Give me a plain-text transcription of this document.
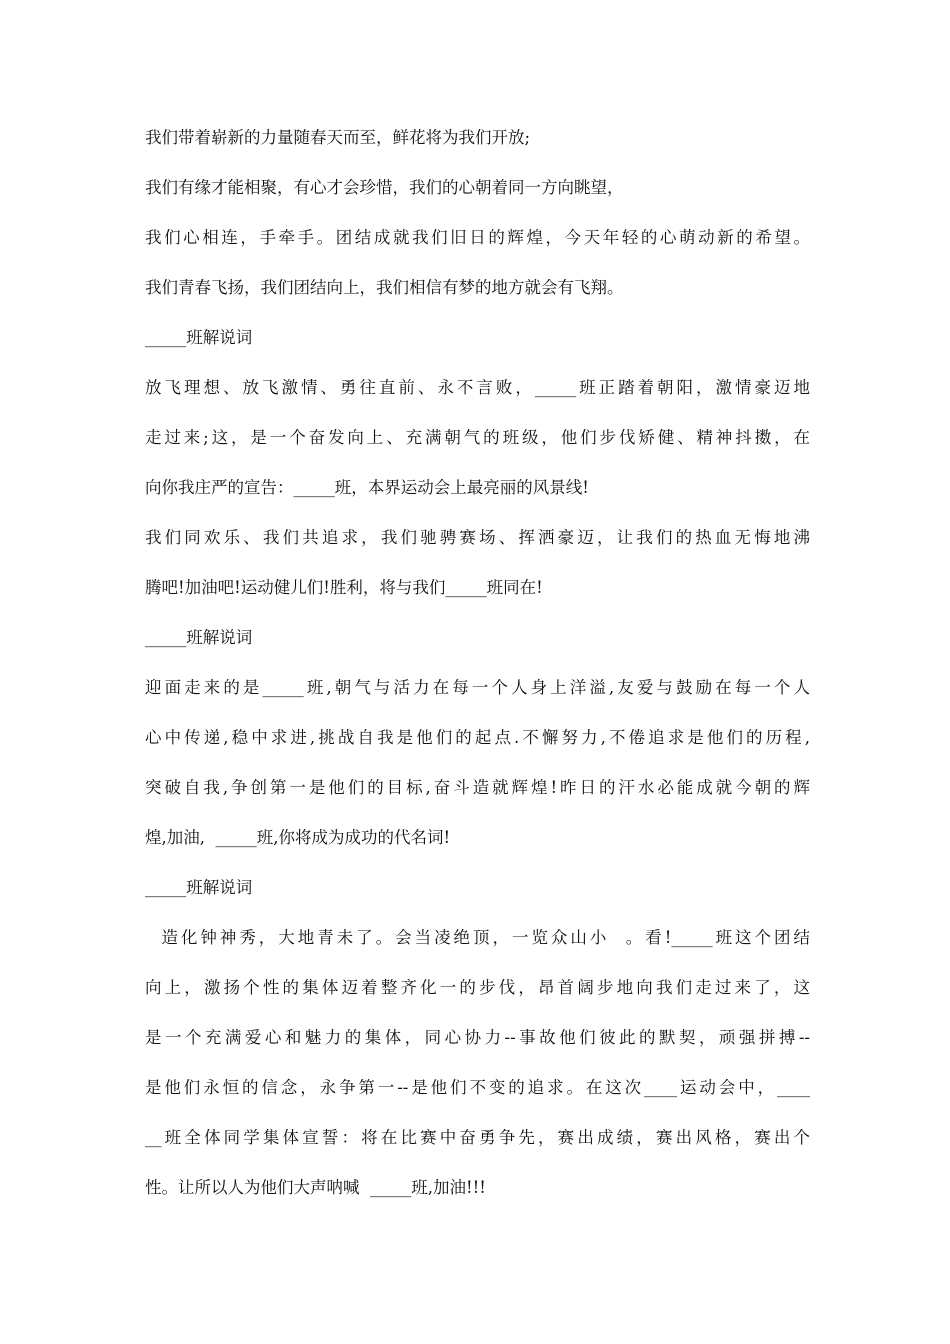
我们带着崭新的力量随春天而至，鲜花将为我们开放;
我们有缘才能相聚，有心才会珍惜，我们的心朝着同一方向眺望，
我们心相连，手牵手。团结成就我们旧日的辉煌，今天年轻的心萌动新的希望。
我们青春飞扬，我们团结向上，我们相信有梦的地方就会有飞翔。
_____班解说词
放飞理想、放飞激情、勇往直前、永不言败，_____班正踏着朝阳，激情豪迈地
走过来;这，是一个奋发向上、充满朝气的班级，他们步伐矫健、精神抖擞，在
向你我庄严的宣告：_____班，本界运动会上最亮丽的风景线!
我们同欢乐、我们共追求，我们驰骋赛场、挥洒豪迈，让我们的热血无悔地沸
腾吧!加油吧!运动健儿们!胜利，将与我们_____班同在!
_____班解说词
迎面走来的是_____班,朝气与活力在每一个人身上洋溢,友爱与鼓励在每一个人
心中传递,稳中求进,挑战自我是他们的起点.不懈努力,不倦追求是他们的历程,
突破自我,争创第一是他们的目标,奋斗造就辉煌!昨日的汗水必能成就今朝的辉
煌,加油,  _____班,你将成为成功的代名词!
_____班解说词
造化钟神秀，大地青未了。会当凌绝顶，一览众山小  。看!_____班这个团结
向上，激扬个性的集体迈着整齐化一的步伐，昂首阔步地向我们走过来了，这
是一个充满爱心和魅力的集体，同心协力--事故他们彼此的默契，顽强拼搏--
是他们永恒的信念，永争第一--是他们不变的追求。在这次____运动会中，____
__班全体同学集体宣誓：将在比赛中奋勇争先，赛出成绩，赛出风格，赛出个
性。让所以人为他们大声呐喊  _____班,加油!!!
